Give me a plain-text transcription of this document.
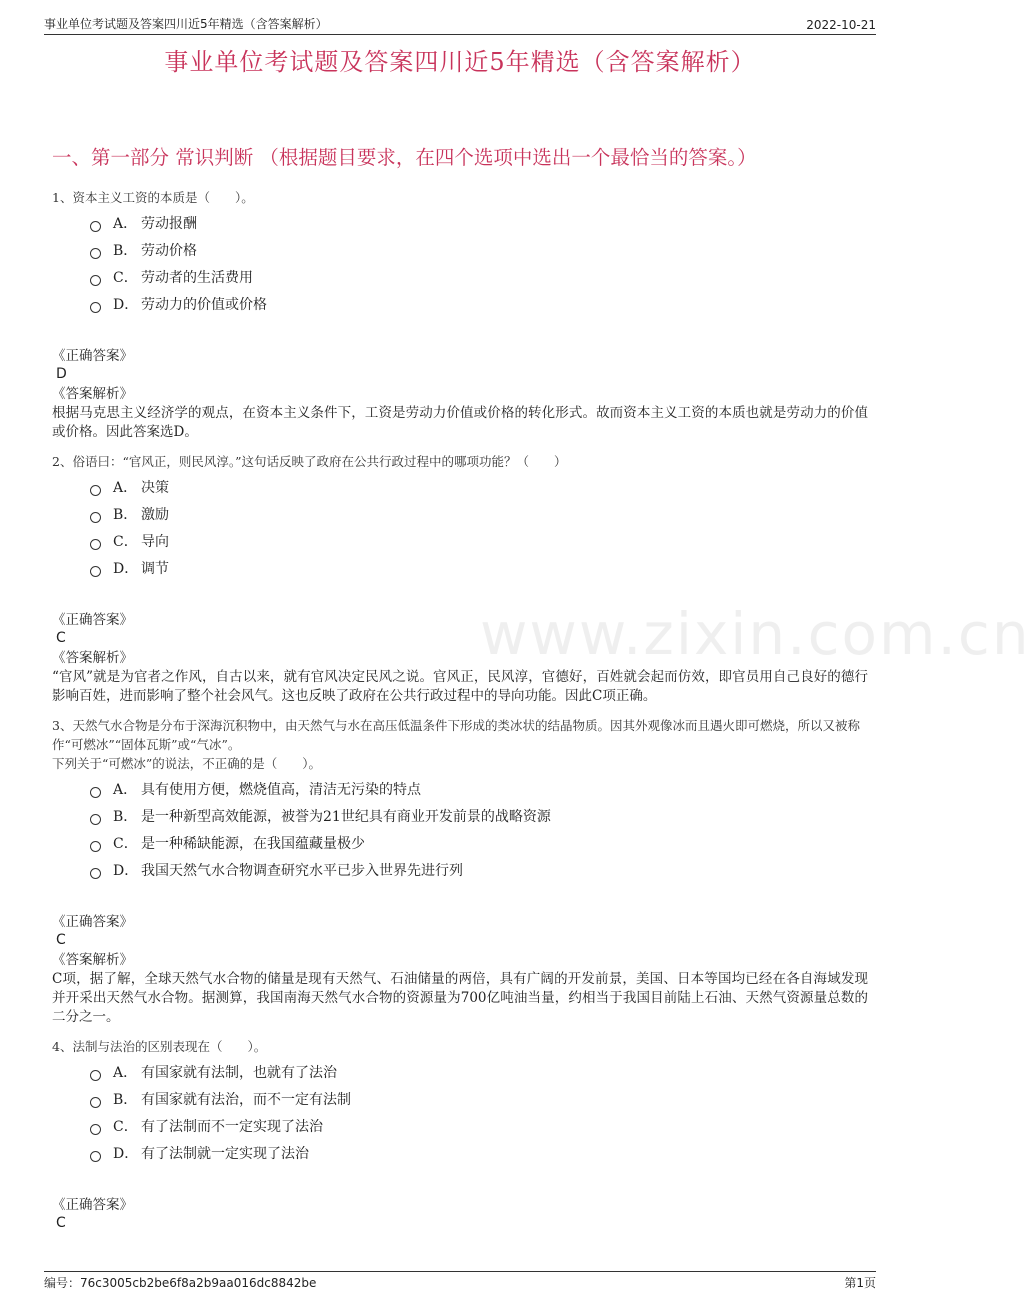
事业单位考试题及答案四川近5年精选（含答案解析）	2022-10-21
事业单位考试题及答案四川近5年精选（含答案解析）
一、第一部分 常识判断 （根据题目要求，在四个选项中选出一个最恰当的答案。）
www.zixin.com.cn
1、资本主义工资的本质是（　　）。
A． 劳动报酬
B． 劳动价格
C． 劳动者的生活费用
D． 劳动力的价值或价格
《正确答案》
D
《答案解析》
根据马克思主义经济学的观点，在资本主义条件下，工资是劳动力价值或价格的转化形式。故而资本主义工资的本质也就是劳动力的价值或价格。因此答案选D。
2、俗语曰：“官风正，则民风淳。”这句话反映了政府在公共行政过程中的哪项功能？（　　）
A． 决策
B． 激励
C． 导向
D． 调节
《正确答案》
C
《答案解析》
“官风”就是为官者之作风，自古以来，就有官风决定民风之说。官风正，民风淳，官德好，百姓就会起而仿效，即官员用自己良好的德行影响百姓，进而影响了整个社会风气。这也反映了政府在公共行政过程中的导向功能。因此C项正确。
3、天然气水合物是分布于深海沉积物中，由天然气与水在高压低温条件下形成的类冰状的结晶物质。因其外观像冰而且遇火即可燃烧，所以又被称作“可燃冰”“固体瓦斯”或“气冰”。
下列关于“可燃冰”的说法，不正确的是（　　）。
A． 具有使用方便，燃烧值高，清洁无污染的特点
B． 是一种新型高效能源，被誉为21世纪具有商业开发前景的战略资源
C． 是一种稀缺能源，在我国蕴藏量极少
D． 我国天然气水合物调查研究水平已步入世界先进行列
《正确答案》
C
《答案解析》
C项，据了解，全球天然气水合物的储量是现有天然气、石油储量的两倍，具有广阔的开发前景，美国、日本等国均已经在各自海域发现并开采出天然气水合物。据测算，我国南海天然气水合物的资源量为700亿吨油当量，约相当于我国目前陆上石油、天然气资源量总数的二分之一。
4、法制与法治的区别表现在（　　）。
A． 有国家就有法制，也就有了法治
B． 有国家就有法治，而不一定有法制
C． 有了法制而不一定实现了法治
D． 有了法制就一定实现了法治
《正确答案》
C
编号：76c3005cb2be6f8a2b9aa016dc8842be	第1页
